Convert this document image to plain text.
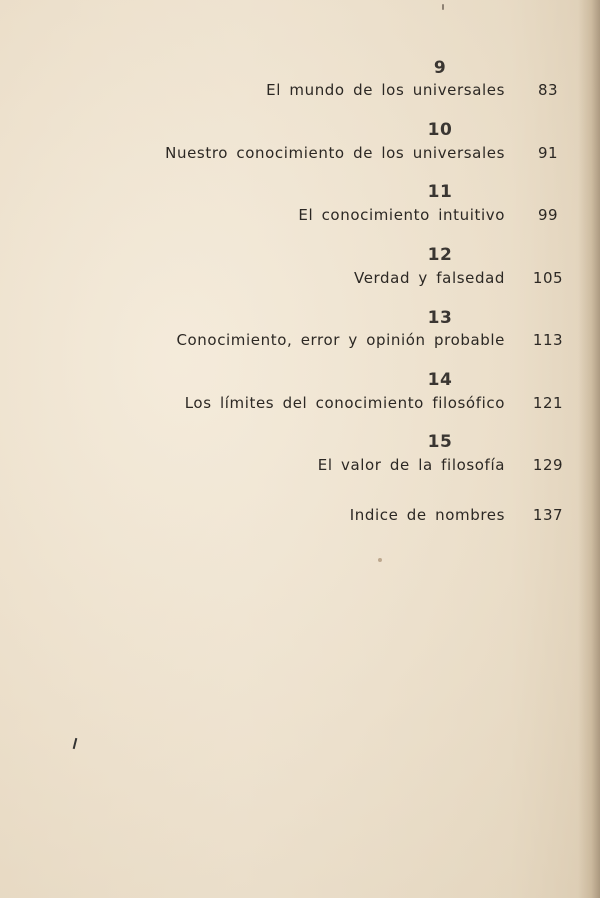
9
El mundo de los universales	83
10
Nuestro conocimiento de los universales	91
11
El conocimiento intuitivo	99
12
Verdad y falsedad	105
13
Conocimiento, error y opinión probable	113
14
Los límites del conocimiento filosófico	121
15
El valor de la filosofía	129
Indice de nombres	137
